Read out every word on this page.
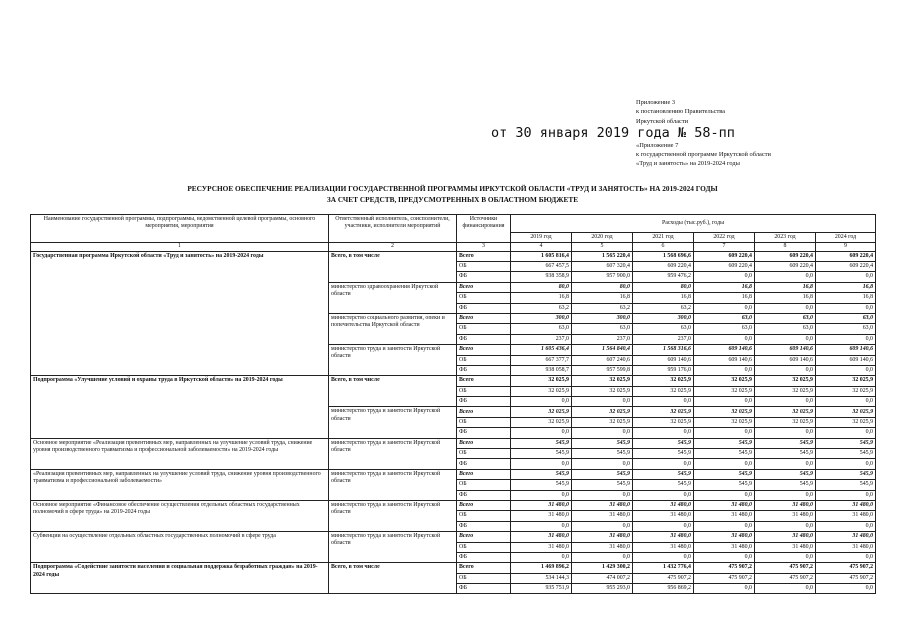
Приложение 3
к постановлению Правительства
Иркутской области
«Приложение 7
к государственной программе Иркутской области
«Труд и занятость» на 2019-2024 годы
от 30 января 2019 года № 58-пп
РЕСУРСНОЕ ОБЕСПЕЧЕНИЕ РЕАЛИЗАЦИИ ГОСУДАРСТВЕННОЙ ПРОГРАММЫ ИРКУТСКОЙ ОБЛАСТИ «ТРУД И ЗАНЯТОСТЬ» НА 2019-2024 ГОДЫ
ЗА СЧЕТ СРЕДСТВ, ПРЕДУСМОТРЕННЫХ В ОБЛАСТНОМ БЮДЖЕТЕ
Наименование государственной программы, подпрограммы, ведомственной целевой программы, основного мероприятия, мероприятия	Ответственный исполнитель, соисполнители, участники, исполнители мероприятий	Источники финансирования	Расходы (тыс.руб.), годы					
			2019 год	2020 год	2021 год	2022 год	2023 год	2024 год
1	2	3	4	5	6	7	8	9
Государственная программа Иркутской области «Труд и занятость» на 2019-2024 годы	Всего, в том числе	Всего	1 605 816,4	1 565 220,4	1 568 696,6	609 220,4	609 220,4	609 220,4
		ОБ	667 457,5	607 320,4	609 220,4	609 220,4	609 220,4	609 220,4
		ФБ	938 358,9	957 900,0	959 476,2	0,0	0,0	0,0
	министерство здравоохранения Иркутской области	Всего	80,0	80,0	80,0	16,8	16,8	16,8
		ОБ	16,8	16,8	16,8	16,8	16,8	16,8
		ФБ	63,2	63,2	63,2	0,0	0,0	0,0
	министерство социального развития, опеки и попечительства Иркутской области	Всего	300,0	300,0	300,0	63,0	63,0	63,0
		ОБ	63,0	63,0	63,0	63,0	63,0	63,0
		ФБ	237,0	237,0	237,0	0,0	0,0	0,0
	министерство труда и занятости Иркутской области	Всего	1 605 436,4	1 564 840,4	1 568 316,6	609 140,6	609 140,6	609 140,6
		ОБ	667 377,7	607 240,6	609 140,6	609 140,6	609 140,6	609 140,6
		ФБ	938 058,7	957 599,8	959 176,0	0,0	0,0	0,0
Подпрограмма «Улучшение условий и охраны труда в Иркутской области» на 2019-2024 годы	Всего, в том числе	Всего	32 025,9	32 025,9	32 025,9	32 025,9	32 025,9	32 025,9
		ОБ	32 025,9	32 025,9	32 025,9	32 025,9	32 025,9	32 025,9
		ФБ	0,0	0,0	0,0	0,0	0,0	0,0
	министерство труда и занятости Иркутской области	Всего	32 025,9	32 025,9	32 025,9	32 025,9	32 025,9	32 025,9
		ОБ	32 025,9	32 025,9	32 025,9	32 025,9	32 025,9	32 025,9
		ФБ	0,0	0,0	0,0	0,0	0,0	0,0
Основное мероприятие «Реализация превентивных мер, направленных на улучшение условий труда, снижение уровня производственного травматизма и профессиональной заболеваемости» на 2019-2024 годы	министерство труда и занятости Иркутской области	Всего	545,9	545,9	545,9	545,9	545,9	545,9
		ОБ	545,9	545,9	545,9	545,9	545,9	545,9
		ФБ	0,0	0,0	0,0	0,0	0,0	0,0
«Реализация превентивных мер, направленных на улучшение условий труда, снижение уровня производственного травматизма и профессиональной заболеваемости»	министерство труда и занятости Иркутской области	Всего	545,9	545,9	545,9	545,9	545,9	545,9
		ОБ	545,9	545,9	545,9	545,9	545,9	545,9
		ФБ	0,0	0,0	0,0	0,0	0,0	0,0
Основное мероприятие «Финансовое обеспечение осуществления отдельных областных государственных полномочий в сфере труда» на 2019-2024 годы	министерство труда и занятости Иркутской области	Всего	31 480,0	31 480,0	31 480,0	31 480,0	31 480,0	31 480,0
		ОБ	31 480,0	31 480,0	31 480,0	31 480,0	31 480,0	31 480,0
		ФБ	0,0	0,0	0,0	0,0	0,0	0,0
Субвенции на осуществление отдельных областных государственных полномочий в сфере труда	министерство труда и занятости Иркутской области	Всего	31 480,0	31 480,0	31 480,0	31 480,0	31 480,0	31 480,0
		ОБ	31 480,0	31 480,0	31 480,0	31 480,0	31 480,0	31 480,0
		ФБ	0,0	0,0	0,0	0,0	0,0	0,0
Подпрограмма «Содействие занятости населения и социальная поддержка безработных граждан» на 2019-2024 годы	Всего, в том числе	Всего	1 469 896,2	1 429 300,2	1 432 776,4	475 907,2	475 907,2	475 907,2
		ОБ	534 144,3	474 007,2	475 907,2	475 907,2	475 907,2	475 907,2
		ФБ	935 751,9	955 293,0	956 869,2	0,0	0,0	0,0
